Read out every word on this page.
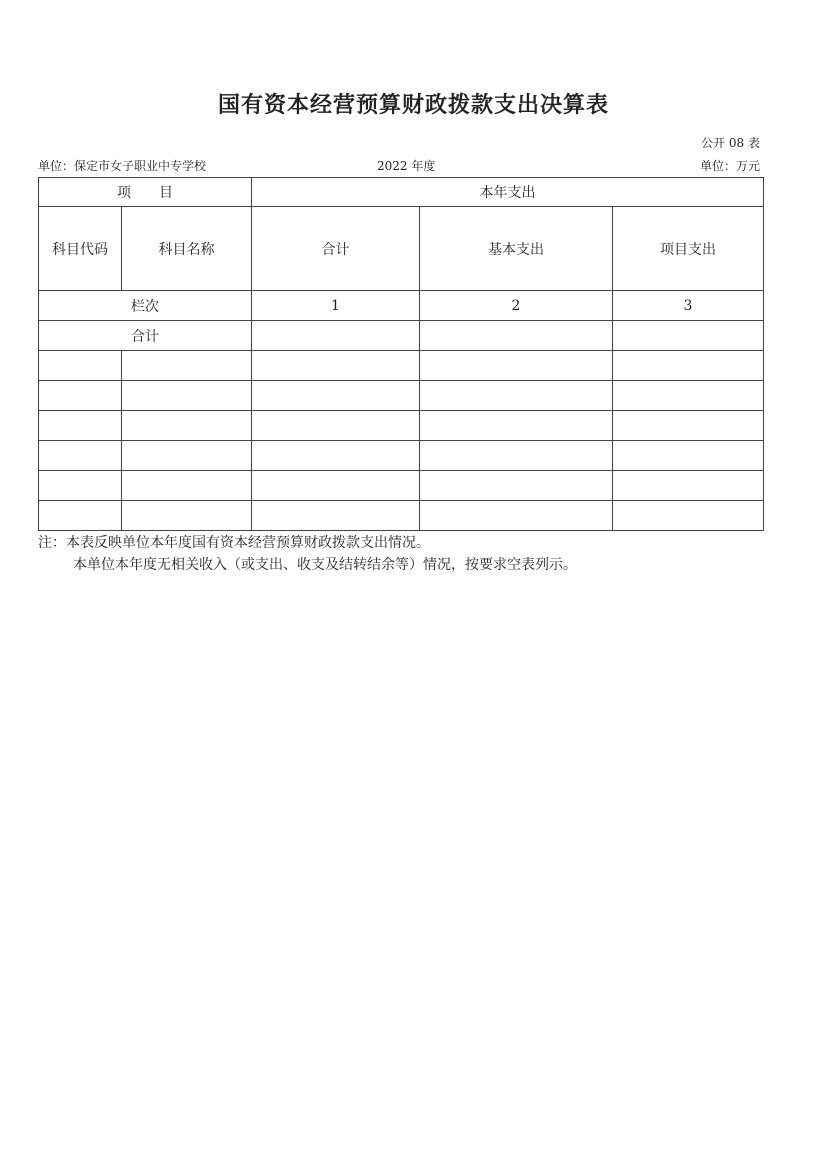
国有资本经营预算财政拨款支出决算表
公开 08 表
单位：保定市女子职业中专学校	2022 年度	单位：万元
项　　目		本年支出		
科目代码	科目名称	合计	基本支出	项目支出
栏次		1	2	3
合计				

注：本表反映单位本年度国有资本经营预算财政拨款支出情况。
本单位本年度无相关收入（或支出、收支及结转结余等）情况，按要求空表列示。
